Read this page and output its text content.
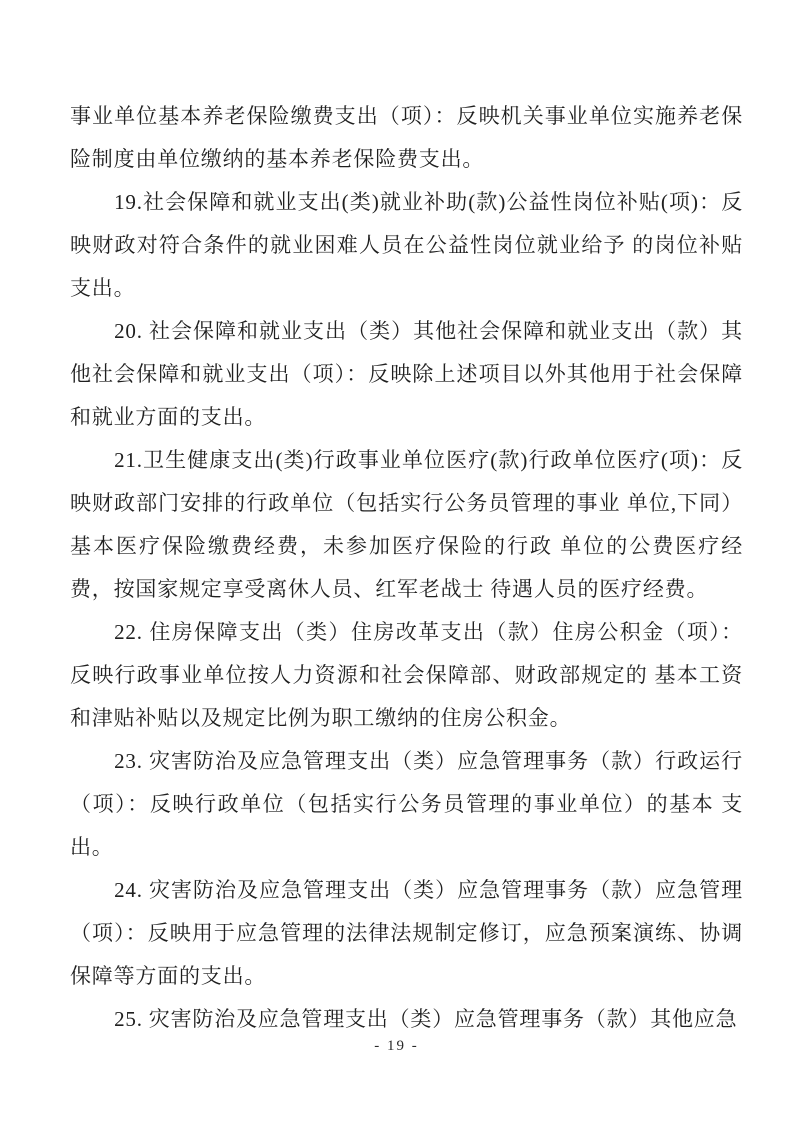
事业单位基本养老保险缴费支出（项）：反映机关事业单位实施养老保险制度由单位缴纳的基本养老保险费支出。

19.社会保障和就业支出(类)就业补助(款)公益性岗位补贴(项)：反映财政对符合条件的就业困难人员在公益性岗位就业给予 的岗位补贴支出。

20. 社会保障和就业支出（类）其他社会保障和就业支出（款）其他社会保障和就业支出（项）：反映除上述项目以外其他用于社会保障和就业方面的支出。

21.卫生健康支出(类)行政事业单位医疗(款)行政单位医疗(项)：反映财政部门安排的行政单位（包括实行公务员管理的事业 单位,下同）基本医疗保险缴费经费，未参加医疗保险的行政 单位的公费医疗经费，按国家规定享受离休人员、红军老战士 待遇人员的医疗经费。

22. 住房保障支出（类）住房改革支出（款）住房公积金（项）：反映行政事业单位按人力资源和社会保障部、财政部规定的 基本工资和津贴补贴以及规定比例为职工缴纳的住房公积金。

23. 灾害防治及应急管理支出（类）应急管理事务（款）行政运行（项）：反映行政单位（包括实行公务员管理的事业单位）的基本 支出。

24. 灾害防治及应急管理支出（类）应急管理事务（款）应急管理（项）：反映用于应急管理的法律法规制定修订，应急预案演练、协调保障等方面的支出。

25. 灾害防治及应急管理支出（类）应急管理事务（款）其他应急

- 19 -
